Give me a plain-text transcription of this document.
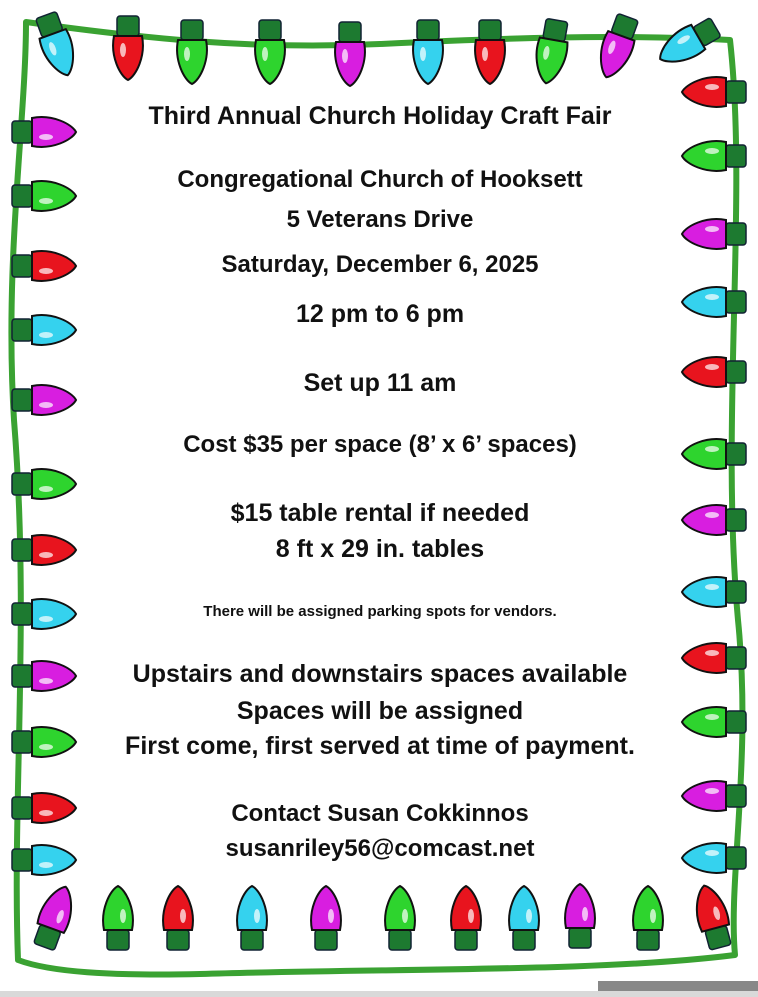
Third Annual Church Holiday Craft Fair
Congregational Church of Hooksett
5 Veterans Drive
Saturday, December 6, 2025
12 pm to 6 pm
Set up 11 am
Cost $35 per space (8’ x 6’ spaces)
$15 table rental if needed
8 ft x 29 in. tables
There will be assigned parking spots for vendors.
Upstairs and downstairs spaces available
Spaces will be assigned
First come, first served at time of payment.
Contact Susan Cokkinnos
susanriley56@comcast.net
